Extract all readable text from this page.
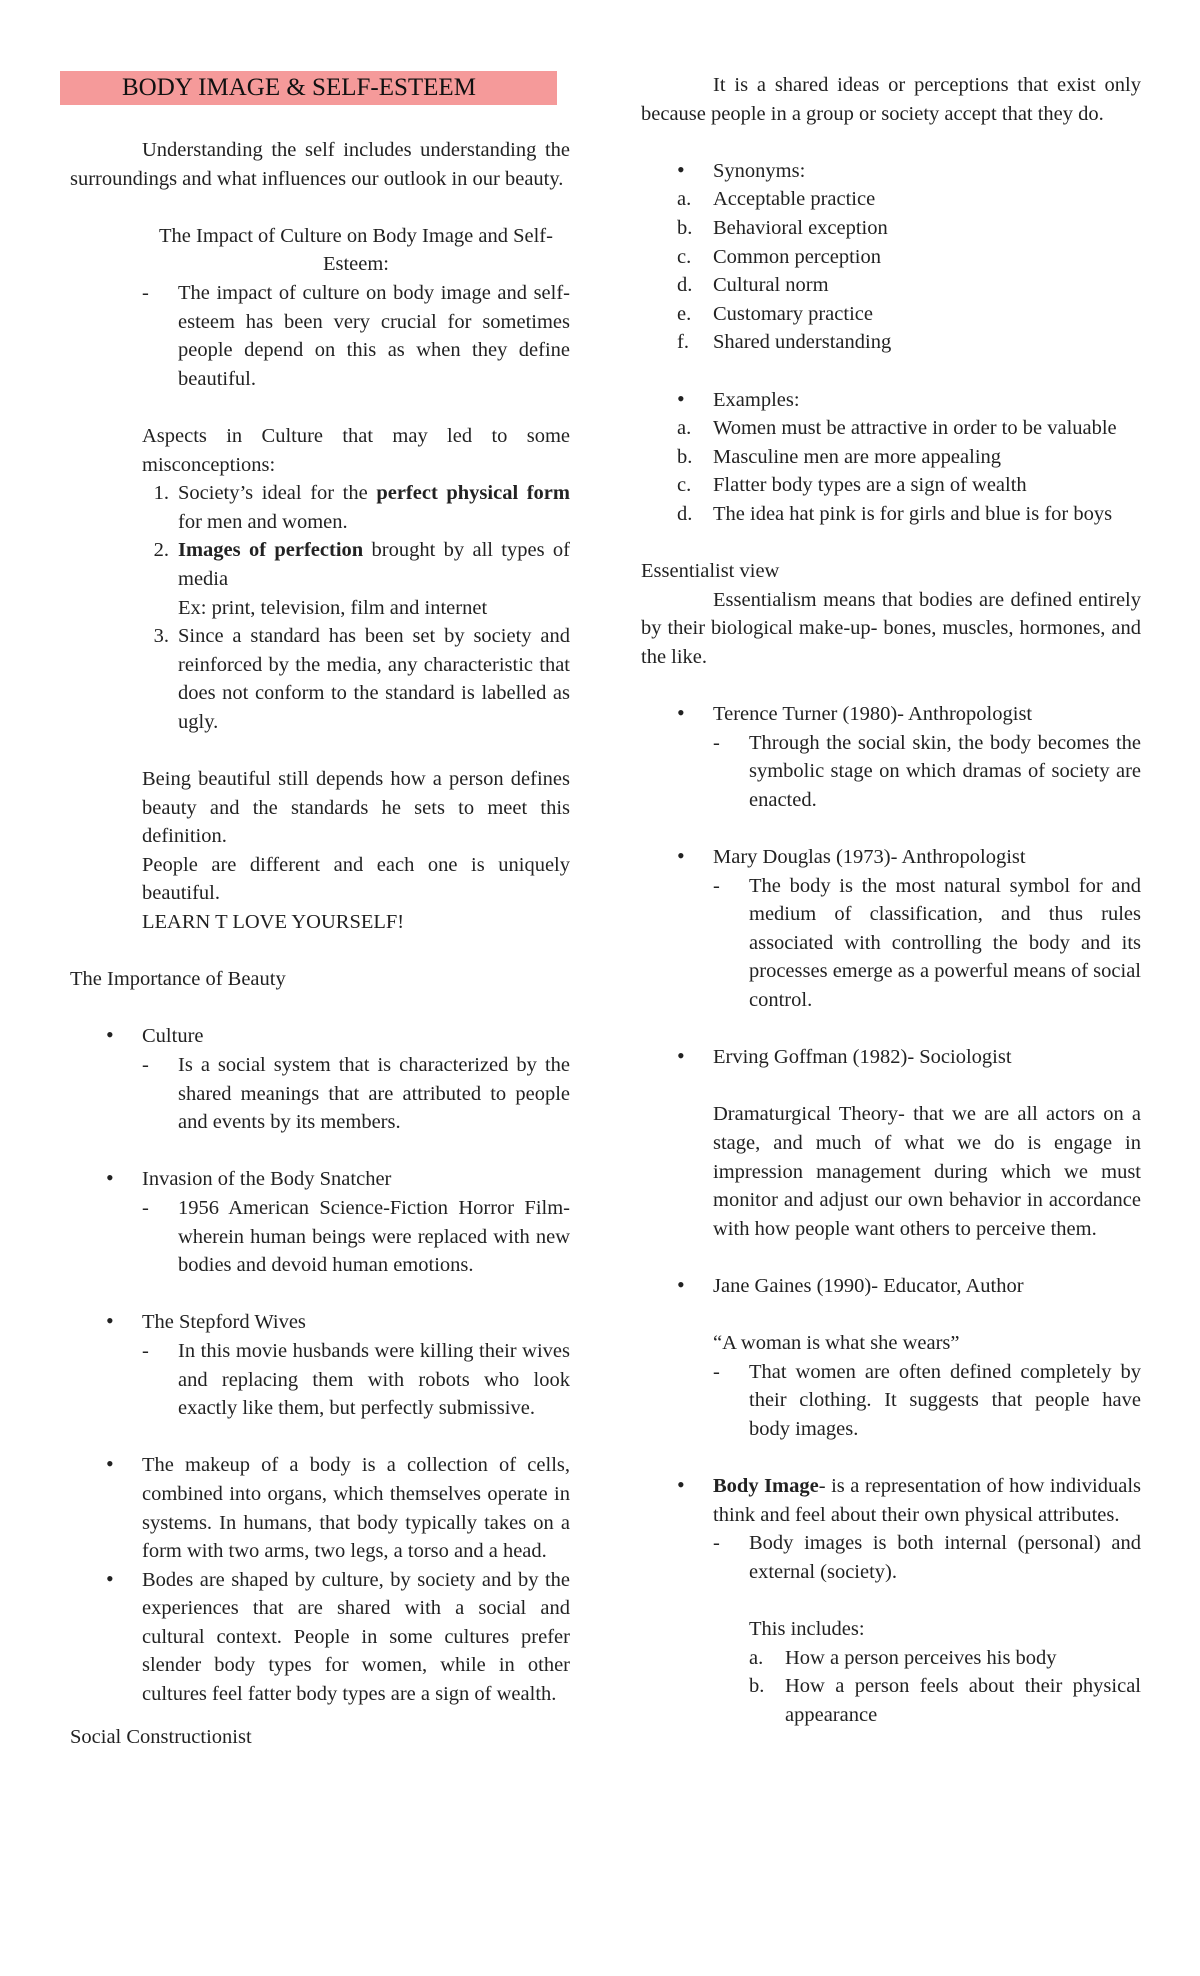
BODY IMAGE & SELF-ESTEEM

Understanding the self includes understanding the surroundings and what influences our outlook in our beauty.

The Impact of Culture on Body Image and Self-Esteem:

-	The impact of culture on body image and self-esteem has been very crucial for sometimes people depend on this as when they define beautiful.

Aspects in Culture that may led to some misconceptions:

1. Society’s ideal for the perfect physical form for men and women.
2. Images of perfection brought by all types of media
Ex: print, television, film and internet
3. Since a standard has been set by society and reinforced by the media, any characteristic that does not conform to the standard is labelled as ugly.

Being beautiful still depends how a person defines beauty and the standards he sets to meet this definition.

People are different and each one is uniquely beautiful.

LEARN T LOVE YOURSELF!

The Importance of Beauty

• Culture
- Is a social system that is characterized by the shared meanings that are attributed to people and events by its members.
• Invasion of the Body Snatcher
- 1956 American Science-Fiction Horror Film- wherein human beings were replaced with new bodies and devoid human emotions.
• The Stepford Wives
- In this movie husbands were killing their wives and replacing them with robots who look exactly like them, but perfectly submissive.
• The makeup of a body is a collection of cells, combined into organs, which themselves operate in systems. In humans, that body typically takes on a form with two arms, two legs, a torso and a head.
• Bodes are shaped by culture, by society and by the experiences that are shared with a social and cultural context. People in some cultures prefer slender body types for women, while in other cultures feel fatter body types are a sign of wealth.

Social Constructionist

It is a shared ideas or perceptions that exist only because people in a group or society accept that they do.

• Synonyms:
a. Acceptable practice
b. Behavioral exception
c. Common perception
d. Cultural norm
e. Customary practice
f. Shared understanding
• Examples:
a. Women must be attractive in order to be valuable
b. Masculine men are more appealing
c. Flatter body types are a sign of wealth
d. The idea hat pink is for girls and blue is for boys

Essentialist view

Essentialism means that bodies are defined entirely by their biological make-up- bones, muscles, hormones, and the like.

• Terence Turner (1980)- Anthropologist
- Through the social skin, the body becomes the symbolic stage on which dramas of society are enacted.
• Mary Douglas (1973)- Anthropologist
- The body is the most natural symbol for and medium of classification, and thus rules associated with controlling the body and its processes emerge as a powerful means of social control.
• Erving Goffman (1982)- Sociologist

Dramaturgical Theory- that we are all actors on a stage, and much of what we do is engage in impression management during which we must monitor and adjust our own behavior in accordance with how people want others to perceive them.

• Jane Gaines (1990)- Educator, Author

“A woman is what she wears”

- That women are often defined completely by their clothing. It suggests that people have body images.
• Body Image- is a representation of how individuals think and feel about their own physical attributes.
- Body images is both internal (personal) and external (society).

This includes:

a. How a person perceives his body
b. How a person feels about their physical appearance
